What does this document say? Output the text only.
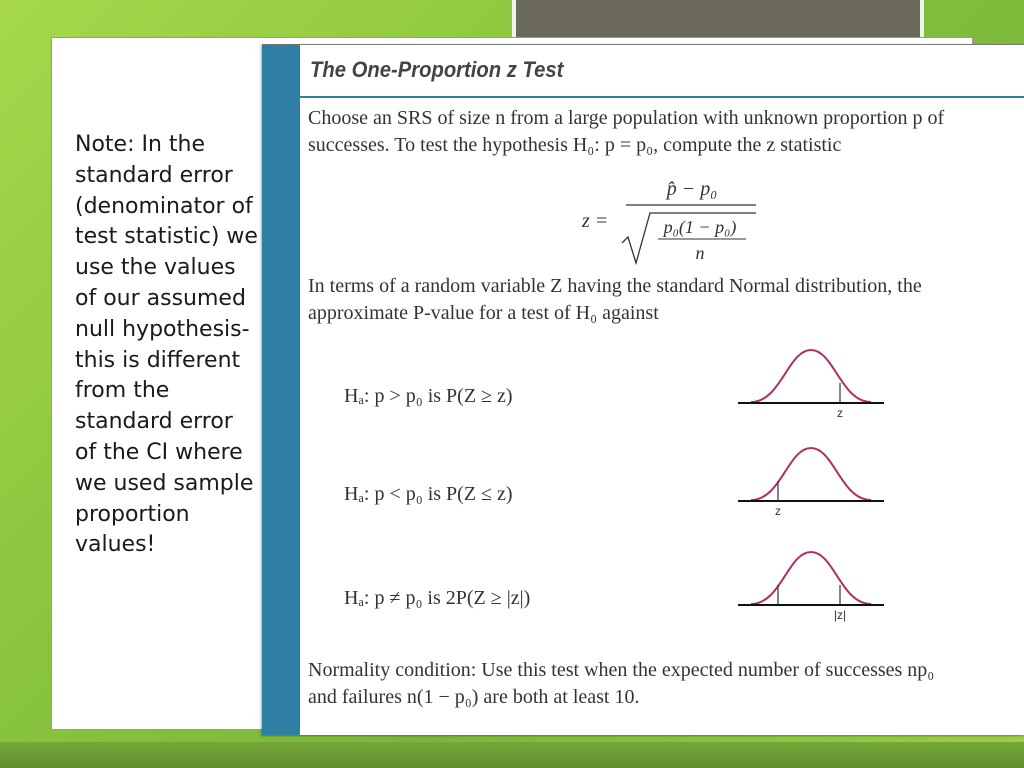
Note: In the standard error (denominator of test statistic) we use the values of our assumed null hypothesis- this is different from the standard error of the CI where we used sample proportion values!
The One-Proportion z Test
Choose an SRS of size n from a large population with unknown proportion p of
successes. To test the hypothesis H₀: p = p₀, compute the z statistic
z =
p̂ − p₀
p₀(1 − p₀)
n
In terms of a random variable Z having the standard Normal distribution, the
approximate P-value for a test of H₀ against
Hₐ: p > p₀ is P(Z ≥ z)
z
Hₐ: p < p₀ is P(Z ≤ z)
z
Hₐ: p ≠ p₀ is 2P(Z ≥ |z|)
|z|
Normality condition: Use this test when the expected number of successes np₀
and failures n(1 − p₀) are both at least 10.
